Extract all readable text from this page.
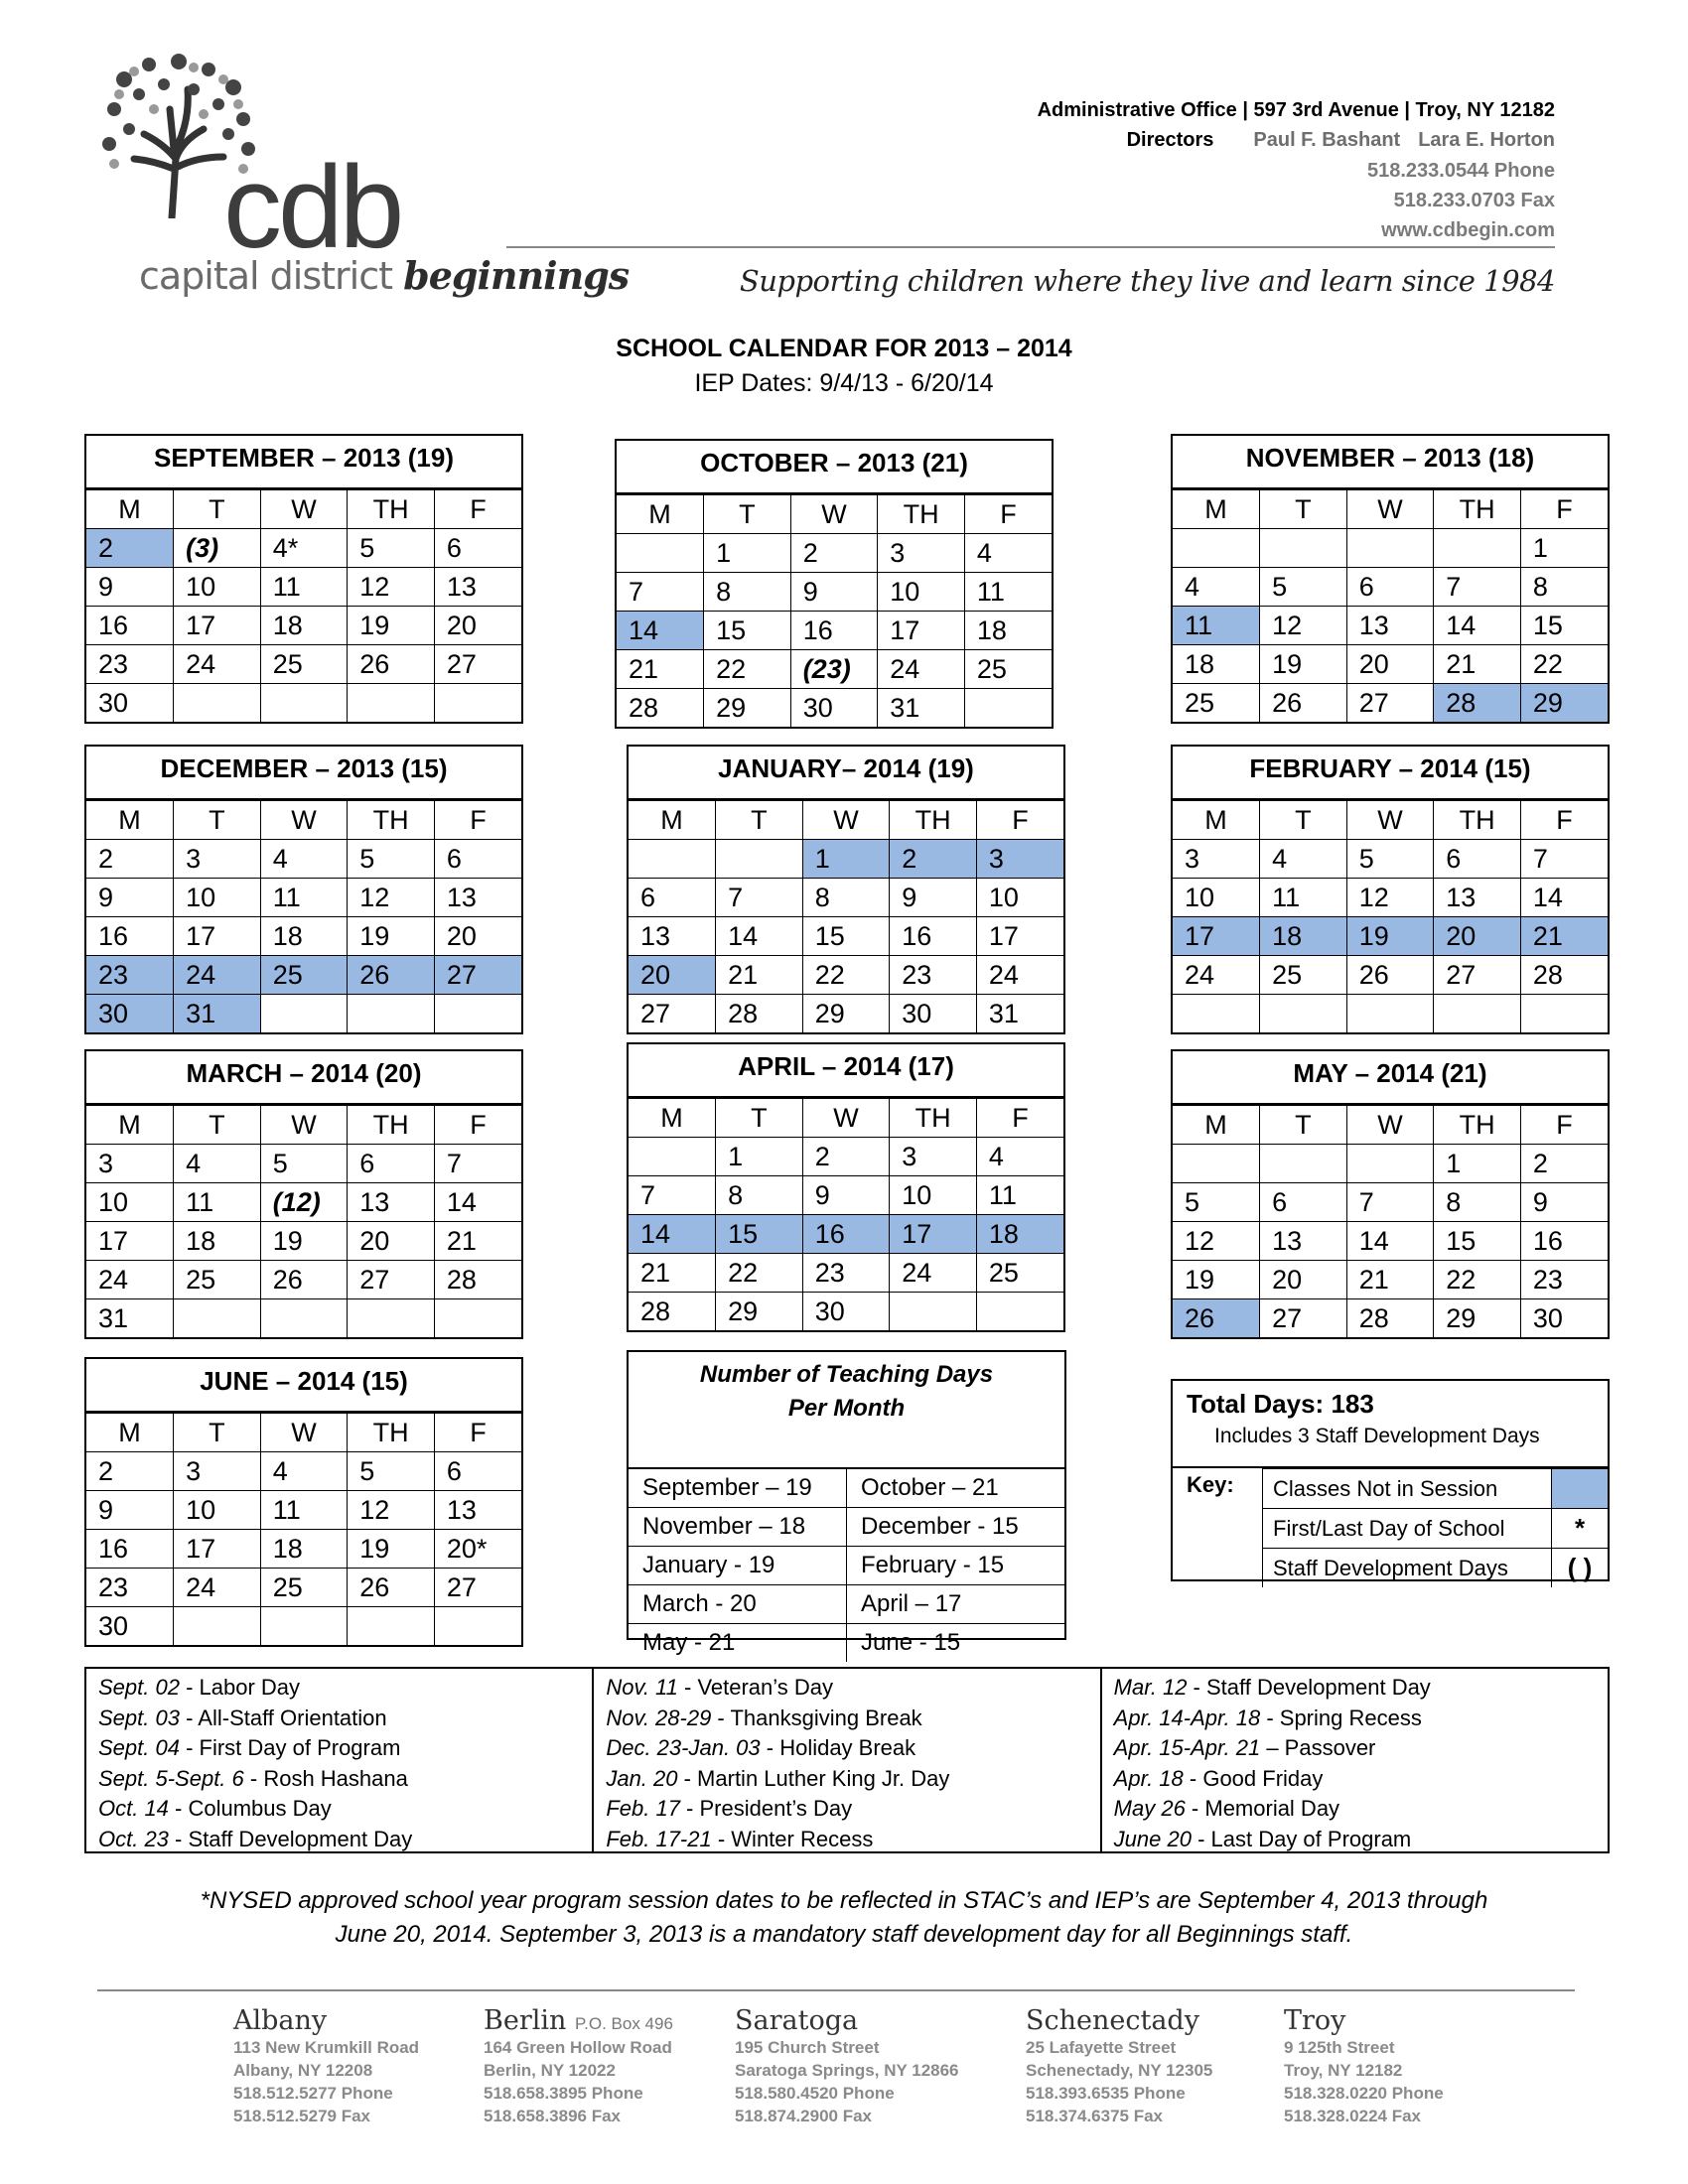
cdb
capital district beginnings
Administrative Office | 597 3rd Avenue | Troy, NY 12182
Directors Paul F. Bashant Lara E. Horton
518.233.0544 Phone
518.233.0703 Fax
www.cdbegin.com
Supporting children where they live and learn since 1984
SCHOOL CALENDAR FOR 2013 – 2014
IEP Dates: 9/4/13 - 6/20/14
SEPTEMBER – 2013 (19)
M	T	W	TH	F
2	(3)	4*	5	6
9	10	11	12	13
16	17	18	19	20
23	24	25	26	27
30				
OCTOBER – 2013 (21)
M	T	W	TH	F
	1	2	3	4
7	8	9	10	11
14	15	16	17	18
21	22	(23)	24	25
28	29	30	31	
NOVEMBER – 2013 (18)
M	T	W	TH	F
				1
4	5	6	7	8
11	12	13	14	15
18	19	20	21	22
25	26	27	28	29
DECEMBER – 2013 (15)
M	T	W	TH	F
2	3	4	5	6
9	10	11	12	13
16	17	18	19	20
23	24	25	26	27
30	31			
JANUARY– 2014 (19)
M	T	W	TH	F
		1	2	3
6	7	8	9	10
13	14	15	16	17
20	21	22	23	24
27	28	29	30	31
FEBRUARY – 2014 (15)
M	T	W	TH	F
3	4	5	6	7
10	11	12	13	14
17	18	19	20	21
24	25	26	27	28

MARCH – 2014 (20)
M	T	W	TH	F
3	4	5	6	7
10	11	(12)	13	14
17	18	19	20	21
24	25	26	27	28
31				
APRIL – 2014 (17)
M	T	W	TH	F
	1	2	3	4
7	8	9	10	11
14	15	16	17	18
21	22	23	24	25
28	29	30		
MAY – 2014 (21)
M	T	W	TH	F
			1	2
5	6	7	8	9
12	13	14	15	16
19	20	21	22	23
26	27	28	29	30
JUNE – 2014 (15)
M	T	W	TH	F
2	3	4	5	6
9	10	11	12	13
16	17	18	19	20*
23	24	25	26	27
30				
Number of Teaching Days
Per Month
September – 19	October – 21
November – 18	December - 15
January - 19	February - 15
March - 20	April – 17
May - 21	June - 15
Total Days: 183
Includes 3 Staff Development Days
Key: Classes Not in Session	
First/Last Day of School	*
Staff Development Days	( )
Sept. 02 - Labor Day
Sept. 03 - All-Staff Orientation
Sept. 04 - First Day of Program
Sept. 5-Sept. 6 - Rosh Hashana
Oct. 14 - Columbus Day
Oct. 23 - Staff Development Day
Nov. 11 - Veteran’s Day
Nov. 28-29 - Thanksgiving Break
Dec. 23-Jan. 03 - Holiday Break
Jan. 20 - Martin Luther King Jr. Day
Feb. 17 - President’s Day
Feb. 17-21 - Winter Recess
Mar. 12 - Staff Development Day
Apr. 14-Apr. 18 - Spring Recess
Apr. 15-Apr. 21 – Passover
Apr. 18 - Good Friday
May 26 - Memorial Day
June 20 - Last Day of Program
*NYSED approved school year program session dates to be reflected in STAC’s and IEP’s are September 4, 2013 through
June 20, 2014. September 3, 2013 is a mandatory staff development day for all Beginnings staff.
Albany
113 New Krumkill Road
Albany, NY 12208
518.512.5277 Phone
518.512.5279 Fax
Berlin P.O. Box 496
164 Green Hollow Road
Berlin, NY 12022
518.658.3895 Phone
518.658.3896 Fax
Saratoga
195 Church Street
Saratoga Springs, NY 12866
518.580.4520 Phone
518.874.2900 Fax
Schenectady
25 Lafayette Street
Schenectady, NY 12305
518.393.6535 Phone
518.374.6375 Fax
Troy
9 125th Street
Troy, NY 12182
518.328.0220 Phone
518.328.0224 Fax
